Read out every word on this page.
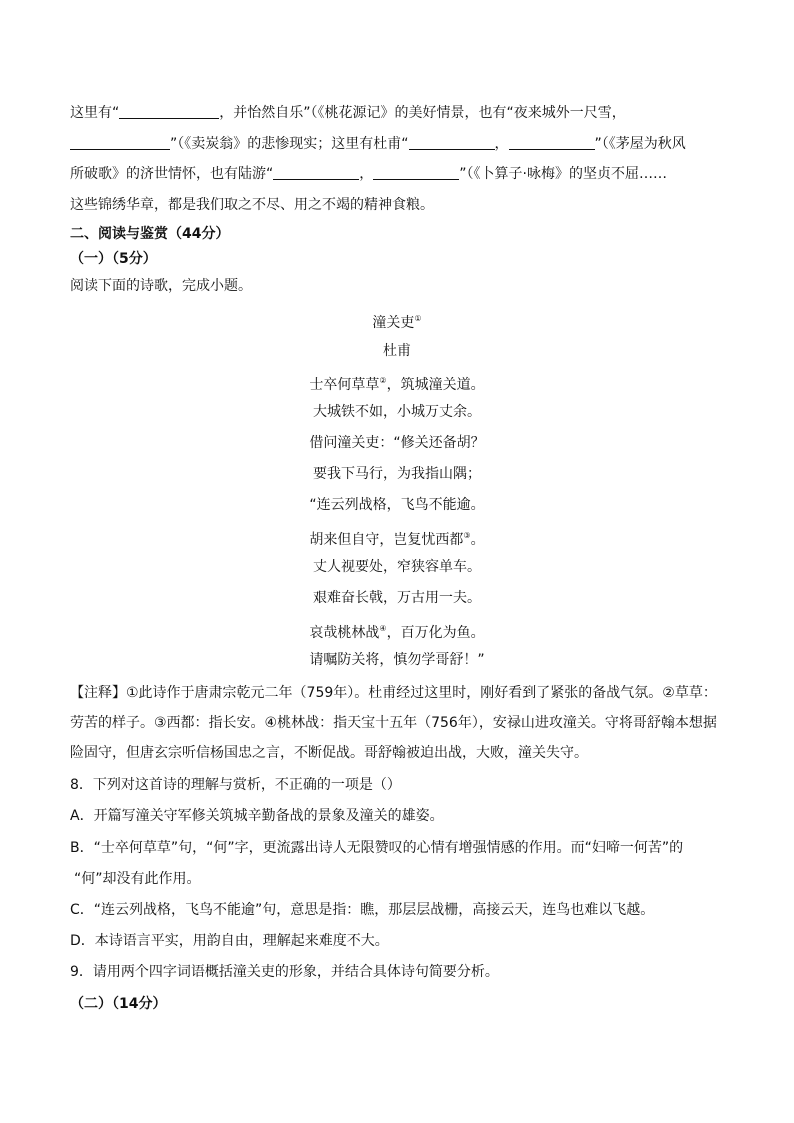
这里有“	，并怡然自乐”（《桃花源记》的美好情景，也有“夜来城外一尺雪，
”（《卖炭翁》的悲惨现实；这里有杜甫“	，	”（《茅屋为秋风
所破歌》的济世情怀，也有陆游“	，	”（《卜算子·咏梅》的坚贞不屈……
这些锦绣华章，都是我们取之不尽、用之不竭的精神食粮。
二、阅读与鉴赏（44分）
（一）（5分）
阅读下面的诗歌，完成小题。
潼关吏①
杜甫
士卒何草草②，筑城潼关道。
大城铁不如，小城万丈余。
借问潼关吏：“修关还备胡？
要我下马行，为我指山隅；
“连云列战格，飞鸟不能逾。
胡来但自守，岂复忧西都③。
丈人视要处，窄狭容单车。
艰难奋长戟，万古用一夫。
哀哉桃林战④，百万化为鱼。
请嘱防关将，慎勿学哥舒！”
【注释】①此诗作于唐肃宗乾元二年（759年）。杜甫经过这里时，刚好看到了紧张的备战气氛。②草草：
劳苦的样子。③西都：指长安。④桃林战：指天宝十五年（756年），安禄山进攻潼关。守将哥舒翰本想据
险固守，但唐玄宗听信杨国忠之言，不断促战。哥舒翰被迫出战，大败，潼关失守。
8．下列对这首诗的理解与赏析，不正确的一项是（）
A．开篇写潼关守军修关筑城辛勤备战的景象及潼关的雄姿。
B．“士卒何草草”句，“何”字，更流露出诗人无限赞叹的心情有增强情感的作用。而“妇啼一何苦”的
“何”却没有此作用。
C．“连云列战格，飞鸟不能逾”句，意思是指：瞧，那层层战栅，高接云天，连鸟也难以飞越。
D．本诗语言平实，用韵自由，理解起来难度不大。
9．请用两个四字词语概括潼关吏的形象，并结合具体诗句简要分析。
（二）（14分）
